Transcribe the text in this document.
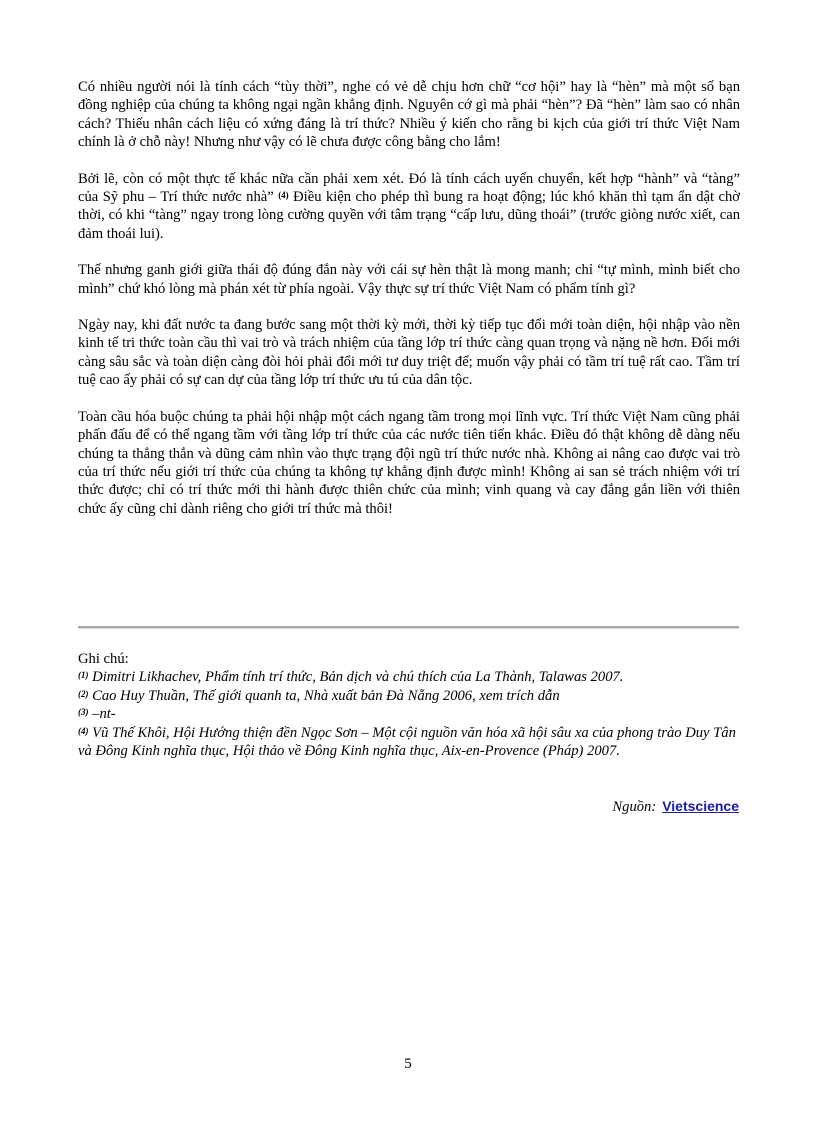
Có nhiều người nói là tính cách “tùy thời”, nghe có vẻ dễ chịu hơn chữ “cơ hội” hay là “hèn” mà một số bạn đồng nghiệp của chúng ta không ngại ngần khẳng định. Nguyên cớ gì mà phải “hèn”? Đã “hèn” làm sao có nhân cách? Thiếu nhân cách liệu có xứng đáng là trí thức? Nhiều ý kiến cho rằng bi kịch của giới trí thức Việt Nam chính là ở chỗ này! Nhưng như vậy có lẽ chưa được công bằng cho lắm!

Bởi lẽ, còn có một thực tế khác nữa cần phải xem xét. Đó là tính cách uyển chuyển, kết hợp “hành” và “tàng” của Sỹ phu – Trí thức nước nhà” $^{(4)}$ Điều kiện cho phép thì bung ra hoạt động; lúc khó khăn thì tạm ẩn dật chờ thời, có khi “tàng” ngay trong lòng cường quyền với tâm trạng “cấp lưu, dũng thoái” (trước giòng nước xiết, can đảm thoái lui).

Thế nhưng ganh giới giữa thái độ đúng đắn này với cái sự hèn thật là mong manh; chỉ “tự mình, mình biết cho mình” chứ khó lòng mà phán xét từ phía ngoài. Vậy thực sự trí thức Việt Nam có phẩm tính gì?

Ngày nay, khi đất nước ta đang bước sang một thời kỳ mới, thời kỳ tiếp tục đổi mới toàn diện, hội nhập vào nền kinh tế tri thức toàn cầu thì vai trò và trách nhiệm của tầng lớp trí thức càng quan trọng và nặng nề hơn. Đổi mới càng sâu sắc và toàn diện càng đòi hỏi phải đổi mới tư duy triệt để; muốn vậy phải có tầm trí tuệ rất cao. Tầm trí tuệ cao ấy phải có sự can dự của tầng lớp trí thức ưu tú của dân tộc.

Toàn cầu hóa buộc chúng ta phải hội nhập một cách ngang tầm trong mọi lĩnh vực. Trí thức Việt Nam cũng phải phấn đấu để có thể ngang tầm với tầng lớp trí thức của các nước tiên tiến khác. Điều đó thật không dễ dàng nếu chúng ta thẳng thắn và dũng cảm nhìn vào thực trạng đội ngũ trí thức nước nhà. Không ai nâng cao được vai trò của trí thức nếu giới trí thức của chúng ta không tự khẳng định được mình! Không ai san sẻ trách nhiệm với trí thức được; chỉ có trí thức mới thi hành được thiên chức của mình; vinh quang và cay đắng gắn liền với thiên chức ấy cũng chỉ dành riêng cho giới trí thức mà thôi!

Ghi chú:

$^{(1)}$ Dimitri Likhachev, Phẩm tính trí thức, Bản dịch và chú thích của La Thành, Talawas 2007.

$^{(2)}$ Cao Huy Thuần, Thế giới quanh ta, Nhà xuất bản Đà Nẵng 2006, xem trích dẫn

$^{(3)}$ –nt-

$^{(4)}$ Vũ Thế Khôi, Hội Hướng thiện đền Ngọc Sơn – Một cội nguồn văn hóa xã hội sâu xa của phong trào Duy Tân và Đông Kinh nghĩa thục, Hội thảo về Đông Kinh nghĩa thục, Aix-en-Provence (Pháp) 2007.

Nguồn: Vietscience
5
